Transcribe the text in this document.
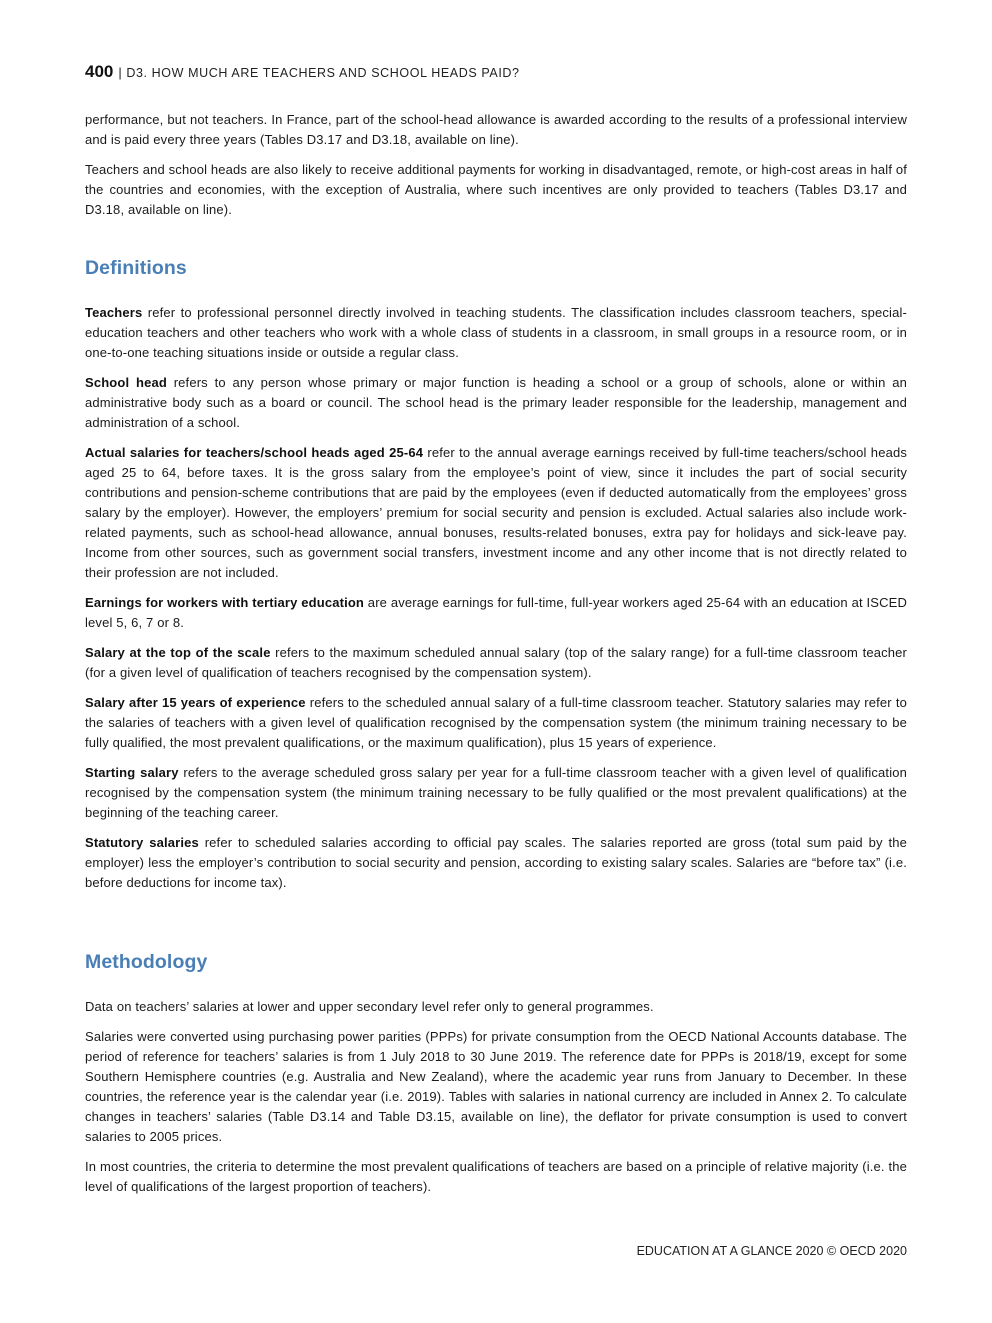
400 | D3. HOW MUCH ARE TEACHERS AND SCHOOL HEADS PAID?

performance, but not teachers. In France, part of the school-head allowance is awarded according to the results of a professional interview and is paid every three years (Tables D3.17 and D3.18, available on line).

Teachers and school heads are also likely to receive additional payments for working in disadvantaged, remote, or high-cost areas in half of the countries and economies, with the exception of Australia, where such incentives are only provided to teachers (Tables D3.17 and D3.18, available on line).

Definitions

Teachers refer to professional personnel directly involved in teaching students. The classification includes classroom teachers, special-education teachers and other teachers who work with a whole class of students in a classroom, in small groups in a resource room, or in one-to-one teaching situations inside or outside a regular class.

School head refers to any person whose primary or major function is heading a school or a group of schools, alone or within an administrative body such as a board or council. The school head is the primary leader responsible for the leadership, management and administration of a school.

Actual salaries for teachers/school heads aged 25-64 refer to the annual average earnings received by full-time teachers/school heads aged 25 to 64, before taxes. It is the gross salary from the employee’s point of view, since it includes the part of social security contributions and pension-scheme contributions that are paid by the employees (even if deducted automatically from the employees’ gross salary by the employer). However, the employers’ premium for social security and pension is excluded. Actual salaries also include work-related payments, such as school-head allowance, annual bonuses, results-related bonuses, extra pay for holidays and sick-leave pay. Income from other sources, such as government social transfers, investment income and any other income that is not directly related to their profession are not included.

Earnings for workers with tertiary education are average earnings for full-time, full-year workers aged 25-64 with an education at ISCED level 5, 6, 7 or 8.

Salary at the top of the scale refers to the maximum scheduled annual salary (top of the salary range) for a full-time classroom teacher (for a given level of qualification of teachers recognised by the compensation system).

Salary after 15 years of experience refers to the scheduled annual salary of a full-time classroom teacher. Statutory salaries may refer to the salaries of teachers with a given level of qualification recognised by the compensation system (the minimum training necessary to be fully qualified, the most prevalent qualifications, or the maximum qualification), plus 15 years of experience.

Starting salary refers to the average scheduled gross salary per year for a full-time classroom teacher with a given level of qualification recognised by the compensation system (the minimum training necessary to be fully qualified or the most prevalent qualifications) at the beginning of the teaching career.

Statutory salaries refer to scheduled salaries according to official pay scales. The salaries reported are gross (total sum paid by the employer) less the employer’s contribution to social security and pension, according to existing salary scales. Salaries are “before tax” (i.e. before deductions for income tax).

Methodology

Data on teachers’ salaries at lower and upper secondary level refer only to general programmes.

Salaries were converted using purchasing power parities (PPPs) for private consumption from the OECD National Accounts database. The period of reference for teachers’ salaries is from 1 July 2018 to 30 June 2019. The reference date for PPPs is 2018/19, except for some Southern Hemisphere countries (e.g. Australia and New Zealand), where the academic year runs from January to December. In these countries, the reference year is the calendar year (i.e. 2019). Tables with salaries in national currency are included in Annex 2. To calculate changes in teachers’ salaries (Table D3.14 and Table D3.15, available on line), the deflator for private consumption is used to convert salaries to 2005 prices.

In most countries, the criteria to determine the most prevalent qualifications of teachers are based on a principle of relative majority (i.e. the level of qualifications of the largest proportion of teachers).

EDUCATION AT A GLANCE 2020 © OECD 2020
